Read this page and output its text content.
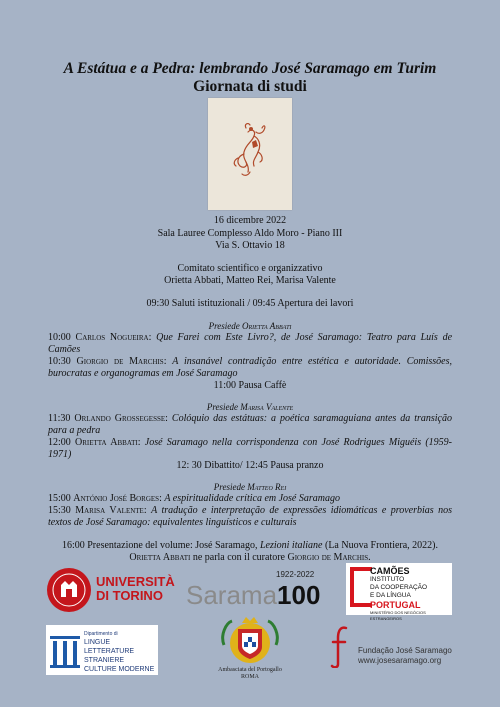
A Estátua e a Pedra: lembrando José Saramago em Turim
Giornata di studi
16 dicembre 2022
Sala Lauree Complesso Aldo Moro - Piano III
Via S. Ottavio 18
Comitato scientifico e organizzativo
Orietta Abbati, Matteo Rei, Marisa Valente
09:30 Saluti istituzionali / 09:45 Apertura dei lavori
Presiede Orietta Abbati

10:00 Carlos Nogueira: Que Farei com Este Livro?, de José Saramago: Teatro para Luís de Camões

10:30 Giorgio de Marchis: A insanável contradição entre estética e autoridade. Comissões, burocratas e organogramas em José Saramago

11:00 Pausa Caffè
Presiede Marisa Valente

11:30 Orlando Grossegesse: Colóquio das estátuas: a poética saramaguiana antes da transição para a pedra

12:00 Orietta Abbati: José Saramago nella corrispondenza con José Rodrigues Miguéis (1959-1971)

12: 30 Dibattito/ 12:45 Pausa pranzo
Presiede Matteo Rei

15:00 António José Borges: A espiritualidade crítica em José Saramago

15:30 Marisa Valente: A tradução e interpretação de expressões idiomáticas e proverbias nos textos de José Saramago: equivalentes linguísticos e culturais

16:00 Presentazione del volume: José Saramago, Lezioni italiane (La Nuova Frontiera, 2022).
Orietta Abbati ne parla con il curatore Giorgio de Marchis.
UNIVERSITÀ
DI TORINO
1922-2022
Sarama100
CAMÕES
INSTITUTO
DA COOPERAÇÃO
E DA LÍNGUA
PORTUGAL
MINISTÉRIO DOS NEGÓCIOS ESTRANGEIROS
Dipartimento di
LINGUE
LETTERATURE STRANIERE
CULTURE MODERNE	Ambasciata del Portogallo
ROMA
Fundação José Saramago
www.josesaramago.org
